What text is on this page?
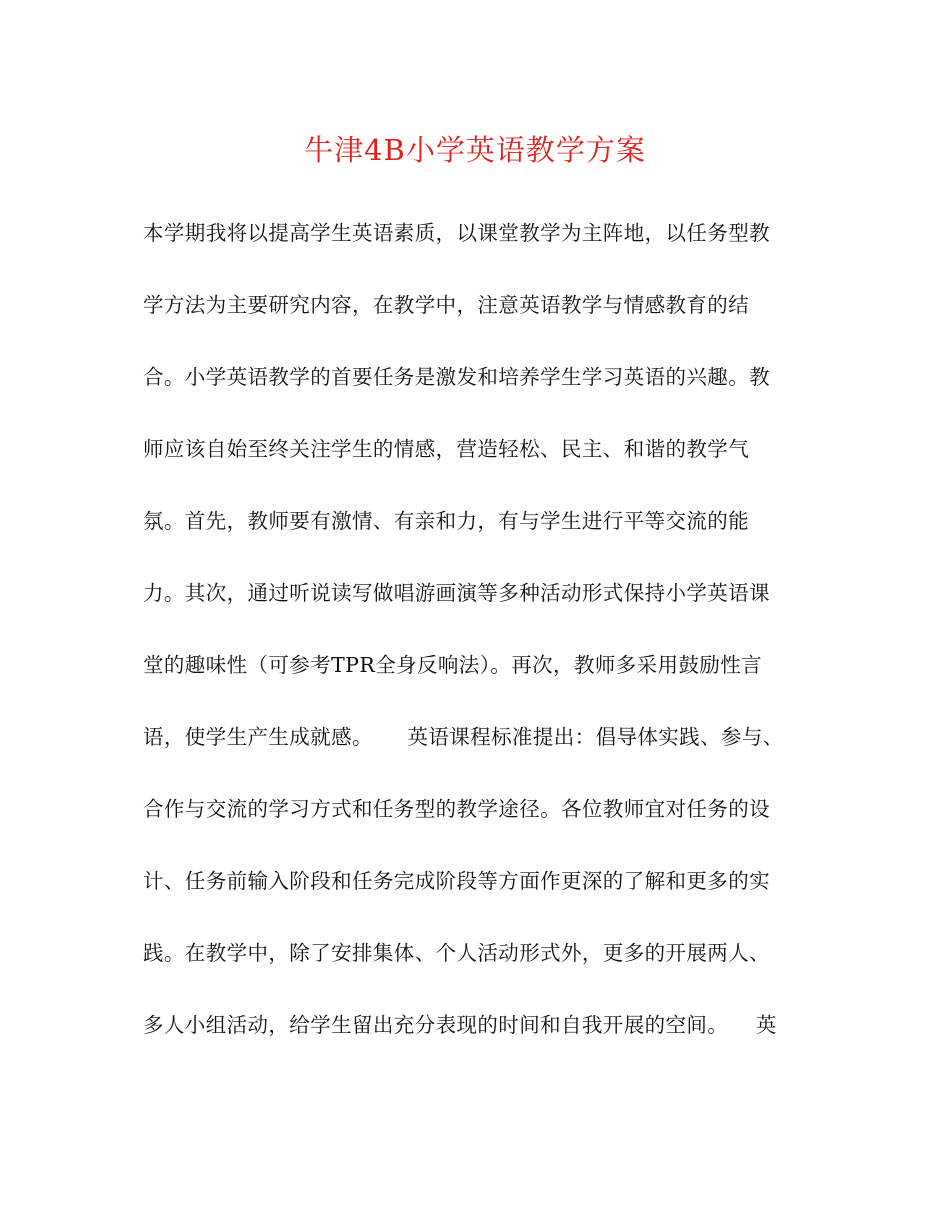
牛津4B小学英语教学方案
本学期我将以提高学生英语素质，以课堂教学为主阵地，以任务型教
学方法为主要研究内容，在教学中，注意英语教学与情感教育的结
合。小学英语教学的首要任务是激发和培养学生学习英语的兴趣。教
师应该自始至终关注学生的情感，营造轻松、民主、和谐的教学气
氛。首先，教师要有激情、有亲和力，有与学生进行平等交流的能
力。其次，通过听说读写做唱游画演等多种活动形式保持小学英语课
堂的趣味性（可参考TPR全身反响法）。再次，教师多采用鼓励性言
语，使学生产生成就感。     英语课程标准提出：倡导体实践、参与、
合作与交流的学习方式和任务型的教学途径。各位教师宜对任务的设
计、任务前输入阶段和任务完成阶段等方面作更深的了解和更多的实
践。在教学中，除了安排集体、个人活动形式外，更多的开展两人、
多人小组活动，给学生留出充分表现的时间和自我开展的空间。    英
